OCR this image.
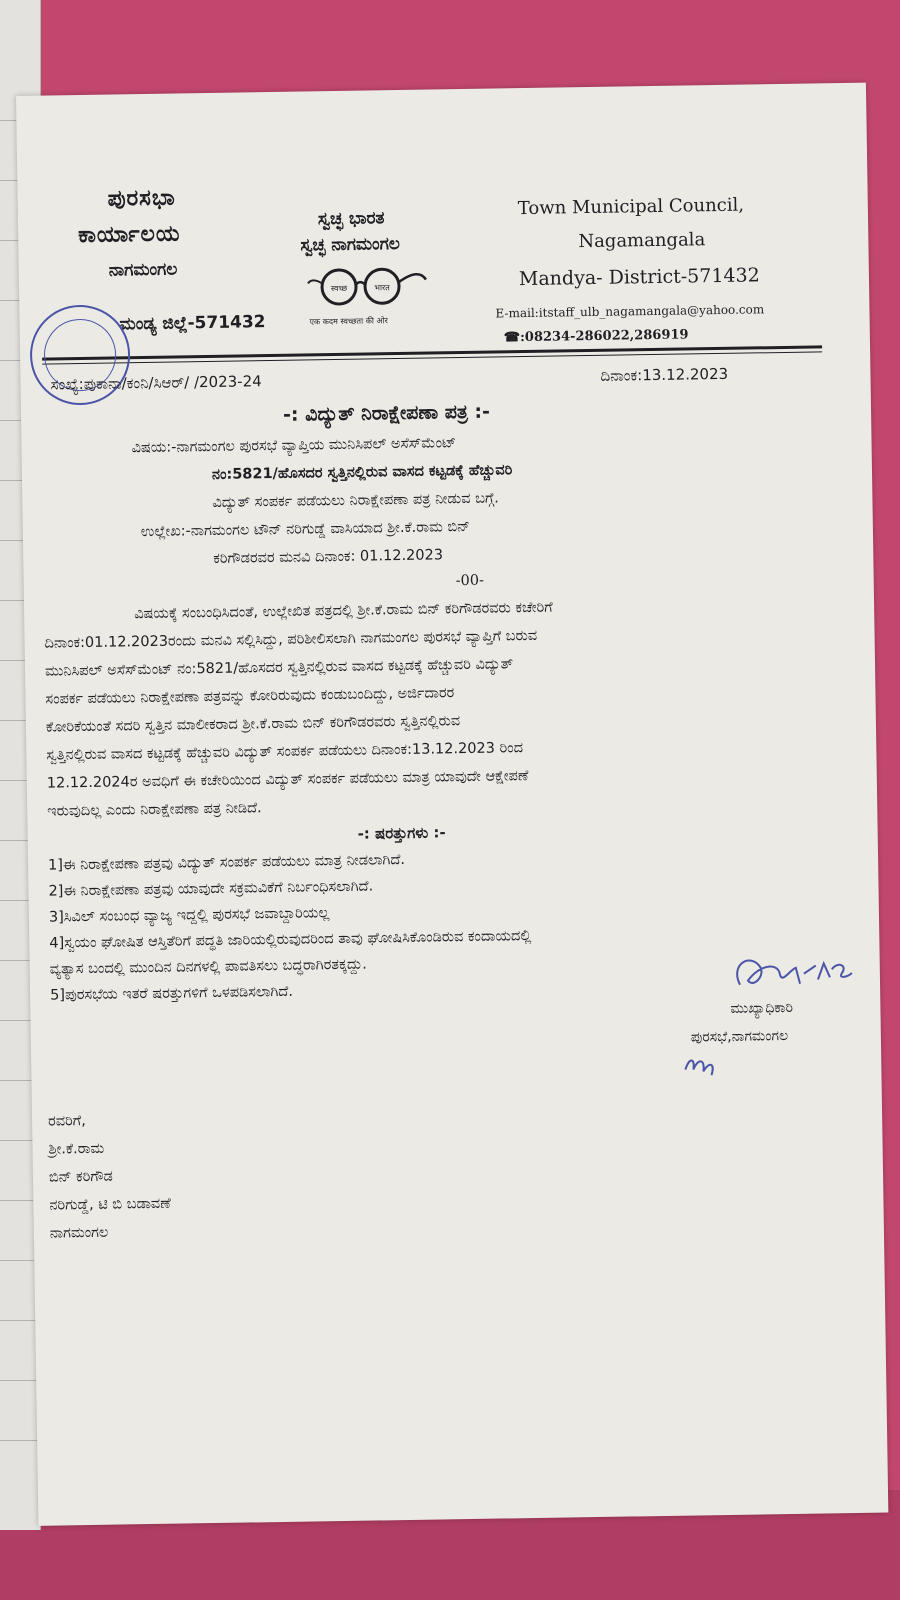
ಪುರಸಭಾ
ಕಾರ್ಯಾಲಯ
ನಾಗಮಂಗಲ
ಮಂಡ್ಯ ಜಿಲ್ಲೆ-571432
ಸ್ವಚ್ಛ ಭಾರತ
ಸ್ವಚ್ಛ ನಾಗಮಂಗಲ
स्वच्छ	भारत
एक कदम स्वच्छता की ओर
Town Municipal Council,
Nagamangala
Mandya- District-571432
E-mail:itstaff_ulb_nagamangala@yahoo.com
☎:08234-286022,286919
ಸಂಖ್ಯೆ:ಪುಕಾನಾ/ಕಂನಿ/ಸಿಆರ್/ /2023-24	ದಿನಾಂಕ:13.12.2023
-: ವಿದ್ಯುತ್ ನಿರಾಕ್ಷೇಪಣಾ ಪತ್ರ :-
ವಿಷಯ:-ನಾಗಮಂಗಲ ಪುರಸಭೆ ವ್ಯಾಪ್ತಿಯ ಮುನಿಸಿಪಲ್ ಅಸೆಸ್‌ಮೆಂಟ್
ನಂ:5821/ಹೊಸದರ ಸ್ವತ್ತಿನಲ್ಲಿರುವ ವಾಸದ ಕಟ್ಟಡಕ್ಕೆ ಹೆಚ್ಚುವರಿ
ವಿದ್ಯುತ್ ಸಂಪರ್ಕ ಪಡೆಯಲು ನಿರಾಕ್ಷೇಪಣಾ ಪತ್ರ ನೀಡುವ ಬಗ್ಗೆ.
ಉಲ್ಲೇಖ:-ನಾಗಮಂಗಲ ಟೌನ್ ನರಿಗುಡ್ಡೆ ವಾಸಿಯಾದ ಶ್ರೀ.ಕೆ.ರಾಮ ಬಿನ್
ಕರಿಗೌಡರವರ ಮನವಿ ದಿನಾಂಕ: 01.12.2023
-00-
ವಿಷಯಕ್ಕೆ ಸಂಬಂಧಿಸಿದಂತೆ, ಉಲ್ಲೇಖಿತ ಪತ್ರದಲ್ಲಿ ಶ್ರೀ.ಕೆ.ರಾಮ ಬಿನ್ ಕರಿಗೌಡರವರು ಕಚೇರಿಗೆ
ದಿನಾಂಕ:01.12.2023ರಂದು ಮನವಿ ಸಲ್ಲಿಸಿದ್ದು, ಪರಿಶೀಲಿಸಲಾಗಿ ನಾಗಮಂಗಲ ಪುರಸಭೆ ವ್ಯಾಪ್ತಿಗೆ ಬರುವ
ಮುನಿಸಿಪಲ್ ಅಸೆಸ್‌ಮೆಂಟ್ ನಂ:5821/ಹೊಸದರ ಸ್ವತ್ತಿನಲ್ಲಿರುವ ವಾಸದ ಕಟ್ಟಡಕ್ಕೆ ಹೆಚ್ಚುವರಿ ವಿದ್ಯುತ್
ಸಂಪರ್ಕ ಪಡೆಯಲು ನಿರಾಕ್ಷೇಪಣಾ ಪತ್ರವನ್ನು ಕೋರಿರುವುದು ಕಂಡುಬಂದಿದ್ದು, ಅರ್ಜಿದಾರರ
ಕೋರಿಕೆಯಂತೆ ಸದರಿ ಸ್ವತ್ತಿನ ಮಾಲೀಕರಾದ ಶ್ರೀ.ಕೆ.ರಾಮ ಬಿನ್ ಕರಿಗೌಡರವರು ಸ್ವತ್ತಿನಲ್ಲಿರುವ
ಸ್ವತ್ತಿನಲ್ಲಿರುವ ವಾಸದ ಕಟ್ಟಡಕ್ಕೆ ಹೆಚ್ಚುವರಿ ವಿದ್ಯುತ್ ಸಂಪರ್ಕ ಪಡೆಯಲು ದಿನಾಂಕ:13.12.2023 ರಿಂದ
12.12.2024ರ ಅವಧಿಗೆ ಈ ಕಚೇರಿಯಿಂದ ವಿದ್ಯುತ್ ಸಂಪರ್ಕ ಪಡೆಯಲು ಮಾತ್ರ ಯಾವುದೇ ಆಕ್ಷೇಪಣೆ
ಇರುವುದಿಲ್ಲ ಎಂದು ನಿರಾಕ್ಷೇಪಣಾ ಪತ್ರ ನೀಡಿದೆ.
-: ಷರತ್ತುಗಳು :-
1]ಈ ನಿರಾಕ್ಷೇಪಣಾ ಪತ್ರವು ವಿದ್ಯುತ್ ಸಂಪರ್ಕ ಪಡೆಯಲು ಮಾತ್ರ ನೀಡಲಾಗಿದೆ.
2]ಈ ನಿರಾಕ್ಷೇಪಣಾ ಪತ್ರವು ಯಾವುದೇ ಸಕ್ರಮವಿಕೆಗೆ ನಿರ್ಬಂಧಿಸಲಾಗಿದೆ.
3]ಸಿವಿಲ್ ಸಂಬಂಧ ವ್ಯಾಜ್ಯ ಇದ್ದಲ್ಲಿ ಪುರಸಭೆ ಜವಾಬ್ದಾರಿಯಲ್ಲ
4]ಸ್ವಯಂ ಘೋಷಿತ ಆಸ್ತಿತೆರಿಗೆ ಪದ್ಧತಿ ಜಾರಿಯಲ್ಲಿರುವುದರಿಂದ ತಾವು ಘೋಷಿಸಿಕೊಂಡಿರುವ ಕಂದಾಯದಲ್ಲಿ
ವ್ಯತ್ಯಾಸ ಬಂದಲ್ಲಿ ಮುಂದಿನ ದಿನಗಳಲ್ಲಿ ಪಾವತಿಸಲು ಬದ್ಧರಾಗಿರತಕ್ಕದ್ದು.
5]ಪುರಸಭೆಯ ಇತರೆ ಷರತ್ತುಗಳಿಗೆ ಒಳಪಡಿಸಲಾಗಿದೆ.
ಮುಖ್ಯಾಧಿಕಾರಿ
ಪುರಸಭೆ,ನಾಗಮಂಗಲ
ರವರಿಗೆ,
ಶ್ರೀ.ಕೆ.ರಾಮ
ಬಿನ್ ಕರಿಗೌಡ
ನರಿಗುಡ್ಡೆ, ಟಿ ಬಿ ಬಡಾವಣೆ
ನಾಗಮಂಗಲ
